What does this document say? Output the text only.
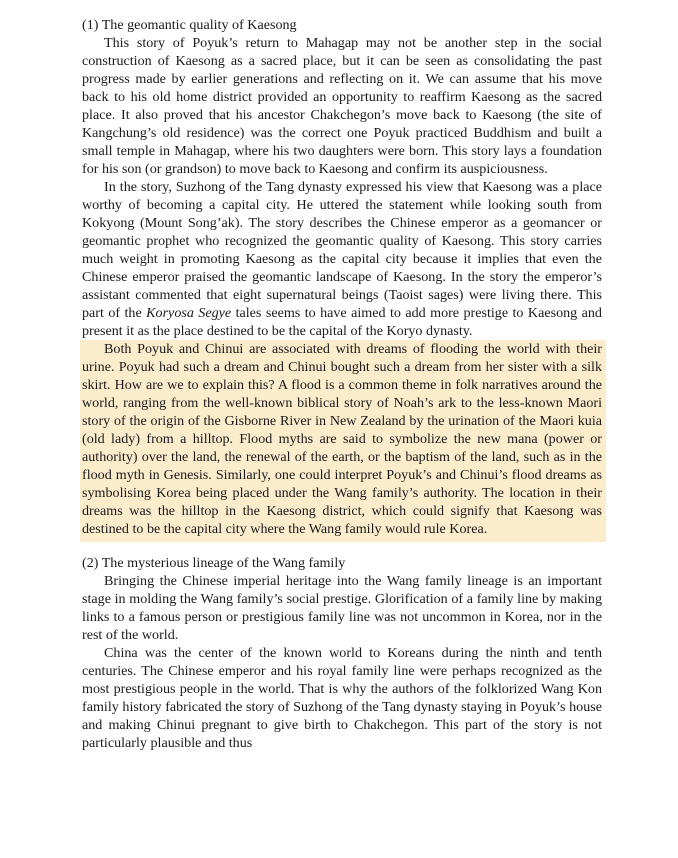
(1) The geomantic quality of Kaesong

This story of Poyuk’s return to Mahagap may not be another step in the social construction of Kaesong as a sacred place, but it can be seen as consolidating the past progress made by earlier generations and reflecting on it. We can assume that his move back to his old home district provided an opportunity to reaffirm Kaesong as the sacred place. It also proved that his ancestor Chakchegon’s move back to Kaesong (the site of Kangchung’s old residence) was the correct one Poyuk practiced Buddhism and built a small temple in Mahagap, where his two daughters were born. This story lays a foundation for his son (or grandson) to move back to Kaesong and confirm its auspiciousness.

In the story, Suzhong of the Tang dynasty expressed his view that Kaesong was a place worthy of becoming a capital city. He uttered the statement while looking south from Kokyong (Mount Song’ak). The story describes the Chinese emperor as a geomancer or geomantic prophet who recognized the geomantic quality of Kaesong. This story carries much weight in promoting Kaesong as the capital city because it implies that even the Chinese emperor praised the geomantic landscape of Kaesong. In the story the emperor’s assistant commented that eight supernatural beings (Taoist sages) were living there. This part of the Koryosa Segye tales seems to have aimed to add more prestige to Kaesong and present it as the place destined to be the capital of the Koryo dynasty.

Both Poyuk and Chinui are associated with dreams of flooding the world with their urine. Poyuk had such a dream and Chinui bought such a dream from her sister with a silk skirt. How are we to explain this? A flood is a common theme in folk narratives around the world, ranging from the well-known biblical story of Noah’s ark to the less-known Maori story of the origin of the Gisborne River in New Zealand by the urination of the Maori kuia (old lady) from a hilltop. Flood myths are said to symbolize the new mana (power or authority) over the land, the renewal of the earth, or the baptism of the land, such as in the flood myth in Genesis. Similarly, one could interpret Poyuk’s and Chinui’s flood dreams as symbolising Korea being placed under the Wang family’s authority. The location in their dreams was the hilltop in the Kaesong district, which could signify that Kaesong was destined to be the capital city where the Wang family would rule Korea.

(2) The mysterious lineage of the Wang family

Bringing the Chinese imperial heritage into the Wang family lineage is an important stage in molding the Wang family’s social prestige. Glorification of a family line by making links to a famous person or prestigious family line was not uncommon in Korea, nor in the rest of the world.

China was the center of the known world to Koreans during the ninth and tenth centuries. The Chinese emperor and his royal family line were perhaps recognized as the most prestigious people in the world. That is why the authors of the folklorized Wang Kon family history fabricated the story of Suzhong of the Tang dynasty staying in Poyuk’s house and making Chinui pregnant to give birth to Chakchegon. This part of the story is not particularly plausible and thus
